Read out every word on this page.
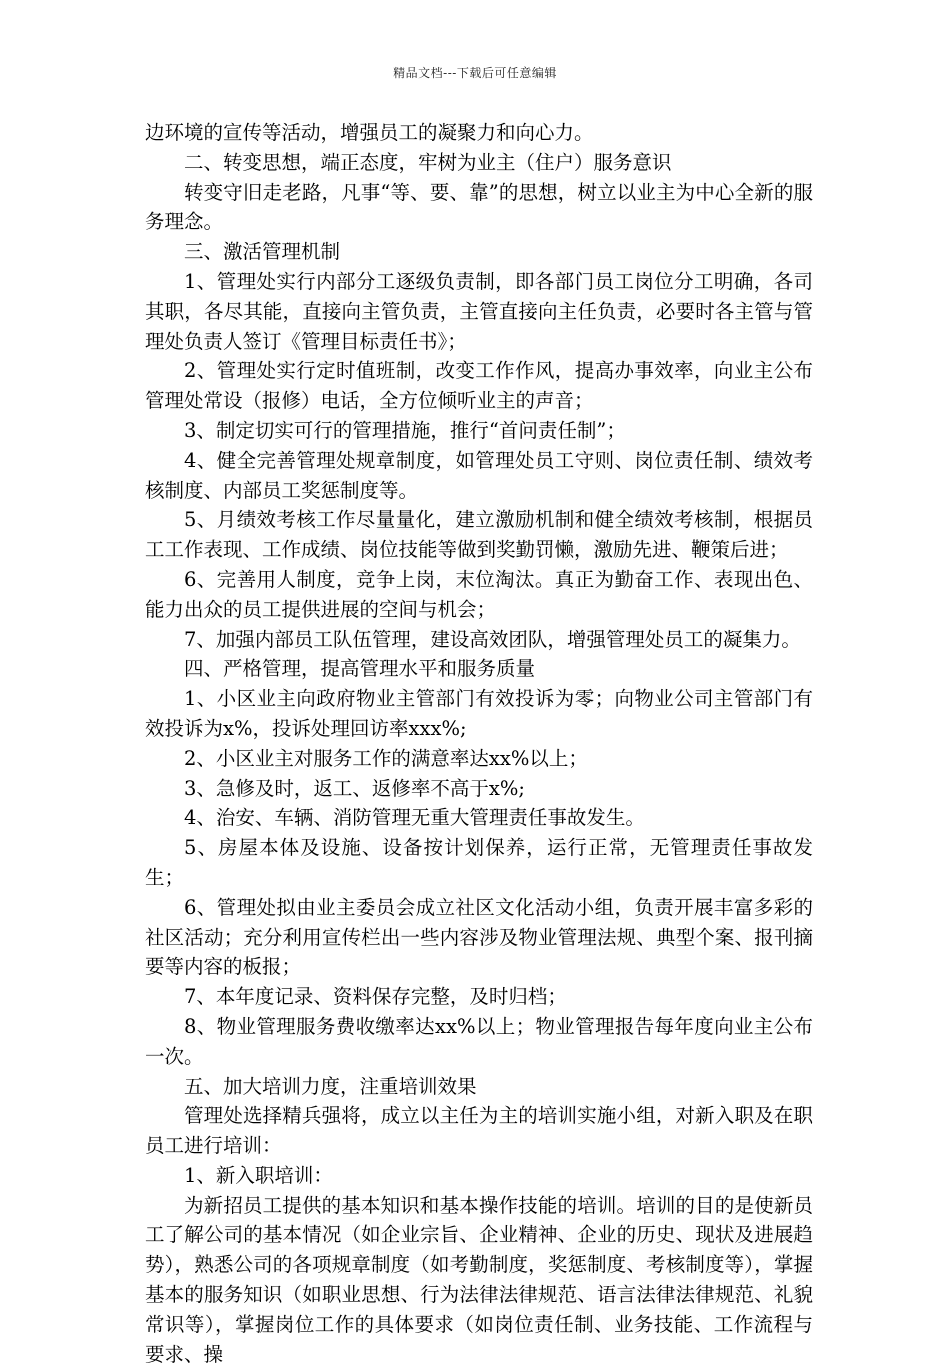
精品文档---下载后可任意编辑

边环境的宣传等活动，增强员工的凝聚力和向心力。

二、转变思想，端正态度，牢树为业主（住户）服务意识

转变守旧走老路，凡事“等、要、靠”的思想，树立以业主为中心全新的服务理念。

三、激活管理机制

1、管理处实行内部分工逐级负责制，即各部门员工岗位分工明确，各司其职，各尽其能，直接向主管负责，主管直接向主任负责，必要时各主管与管理处负责人签订《管理目标责任书》；

2、管理处实行定时值班制，改变工作作风，提高办事效率，向业主公布管理处常设（报修）电话，全方位倾听业主的声音；

3、制定切实可行的管理措施，推行“首问责任制”；

4、健全完善管理处规章制度，如管理处员工守则、岗位责任制、绩效考核制度、内部员工奖惩制度等。

5、月绩效考核工作尽量量化，建立激励机制和健全绩效考核制，根据员工工作表现、工作成绩、岗位技能等做到奖勤罚懒，激励先进、鞭策后进；

6、完善用人制度，竞争上岗，末位淘汰。真正为勤奋工作、表现出色、能力出众的员工提供进展的空间与机会；

7、加强内部员工队伍管理，建设高效团队，增强管理处员工的凝集力。

四、严格管理，提高管理水平和服务质量

1、小区业主向政府物业主管部门有效投诉为零；向物业公司主管部门有效投诉为x%，投诉处理回访率xxx%;

2、小区业主对服务工作的满意率达xx%以上；

3、急修及时，返工、返修率不高于x%;

4、治安、车辆、消防管理无重大管理责任事故发生。

5、房屋本体及设施、设备按计划保养，运行正常，无管理责任事故发生；

6、管理处拟由业主委员会成立社区文化活动小组，负责开展丰富多彩的社区活动；充分利用宣传栏出一些内容涉及物业管理法规、典型个案、报刊摘要等内容的板报；

7、本年度记录、资料保存完整，及时归档；

8、物业管理服务费收缴率达xx%以上；物业管理报告每年度向业主公布一次。

五、加大培训力度，注重培训效果

管理处选择精兵强将，成立以主任为主的培训实施小组，对新入职及在职员工进行培训：

1、新入职培训：

为新招员工提供的基本知识和基本操作技能的培训。培训的目的是使新员工了解公司的基本情况（如企业宗旨、企业精神、企业的历史、现状及进展趋势），熟悉公司的各项规章制度（如考勤制度，奖惩制度、考核制度等），掌握基本的服务知识（如职业思想、行为法律法律规范、语言法律法律规范、礼貌常识等），掌握岗位工作的具体要求（如岗位责任制、业务技能、工作流程与要求、操
